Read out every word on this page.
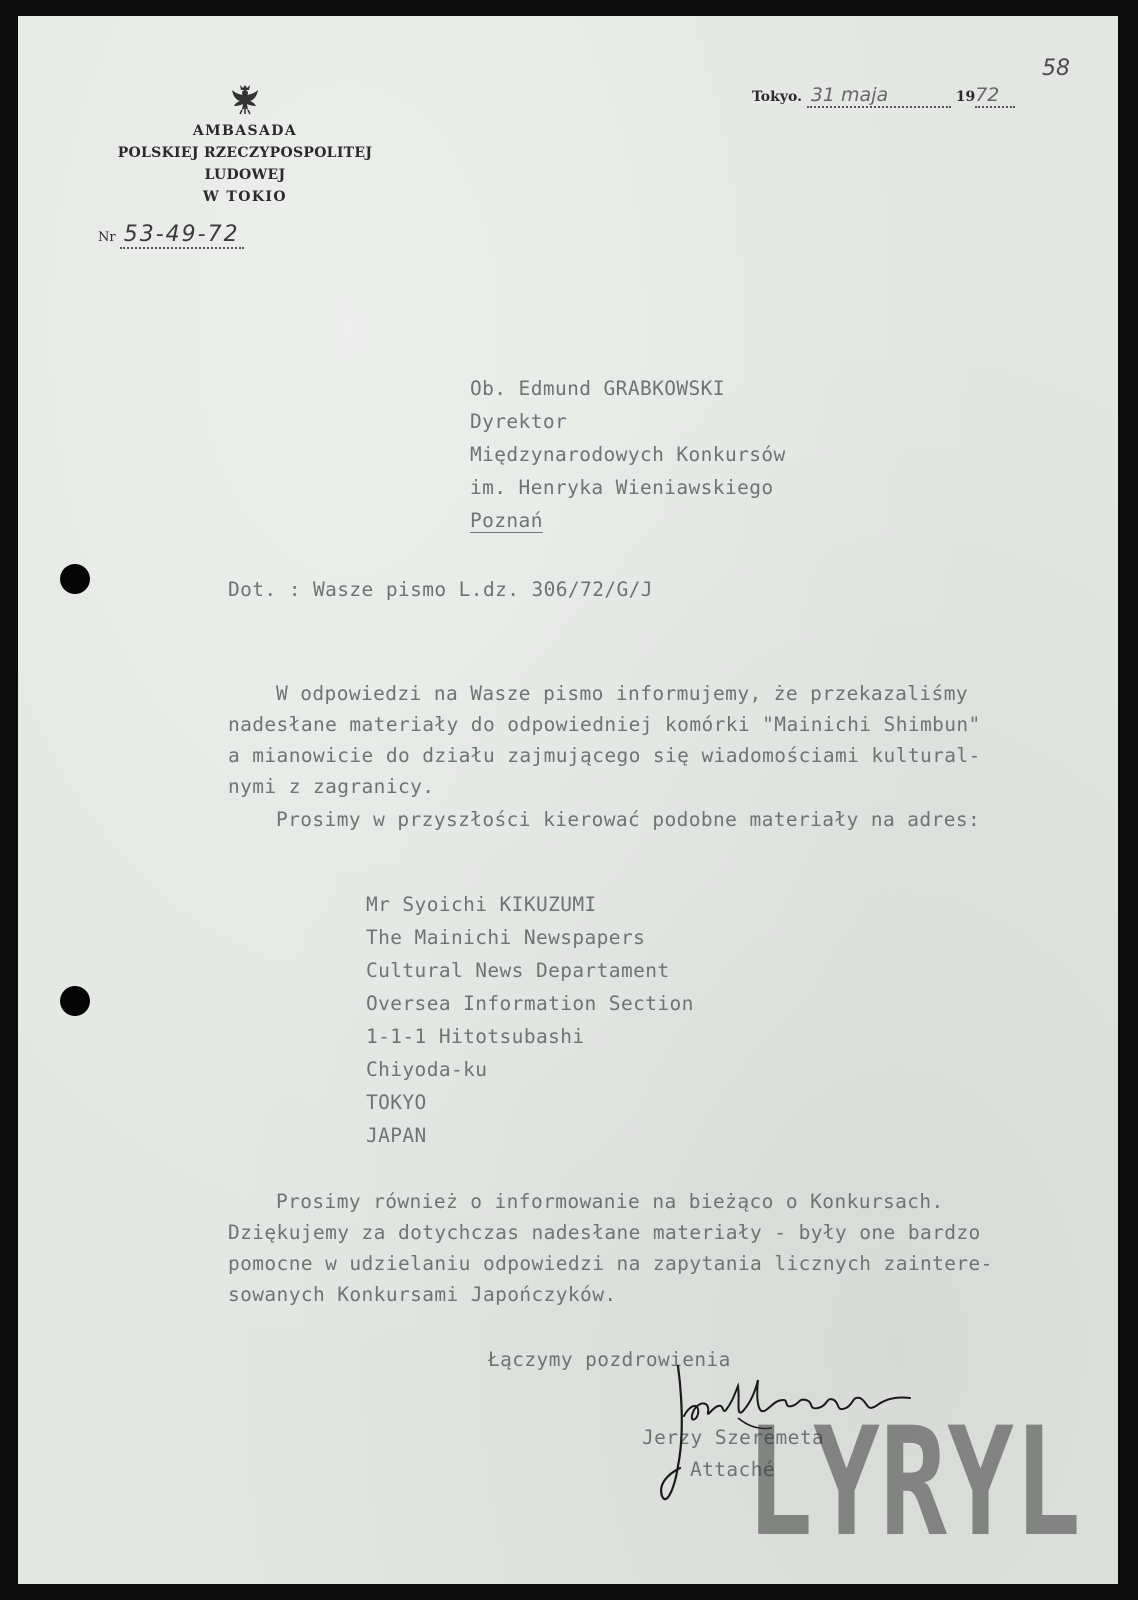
58
AMBASADA
POLSKIEJ RZECZYPOSPOLITEJ LUDOWEJ
W TOKIO
Nr 53-49-72
Tokyo. 31 maja	1972
Ob. Edmund GRABKOWSKI
Dyrektor
Międzynarodowych Konkursów
im. Henryka Wieniawskiego
Poznań
Dot. : Wasze pismo L.dz. 306/72/G/J
W odpowiedzi na Wasze pismo informujemy, że przekazaliśmy
nadesłane materiały do odpowiedniej komórki "Mainichi Shimbun"
a mianowicie do działu zajmującego się wiadomościami kultural-
nymi z zagranicy.
Prosimy w przyszłości kierować podobne materiały na adres:
Mr Syoichi KIKUZUMI
The Mainichi Newspapers
Cultural News Departament
Oversea Information Section
1-1-1 Hitotsubashi
Chiyoda-ku
TOKYO
JAPAN
Prosimy również o informowanie na bieżąco o Konkursach.
Dziękujemy za dotychczas nadesłane materiały - były one bardzo
pomocne w udzielaniu odpowiedzi na zapytania licznych zaintere-
sowanych Konkursami Japończyków.
Łączymy pozdrowienia
Jerzy Szeremeta
Attaché
LYRYL
